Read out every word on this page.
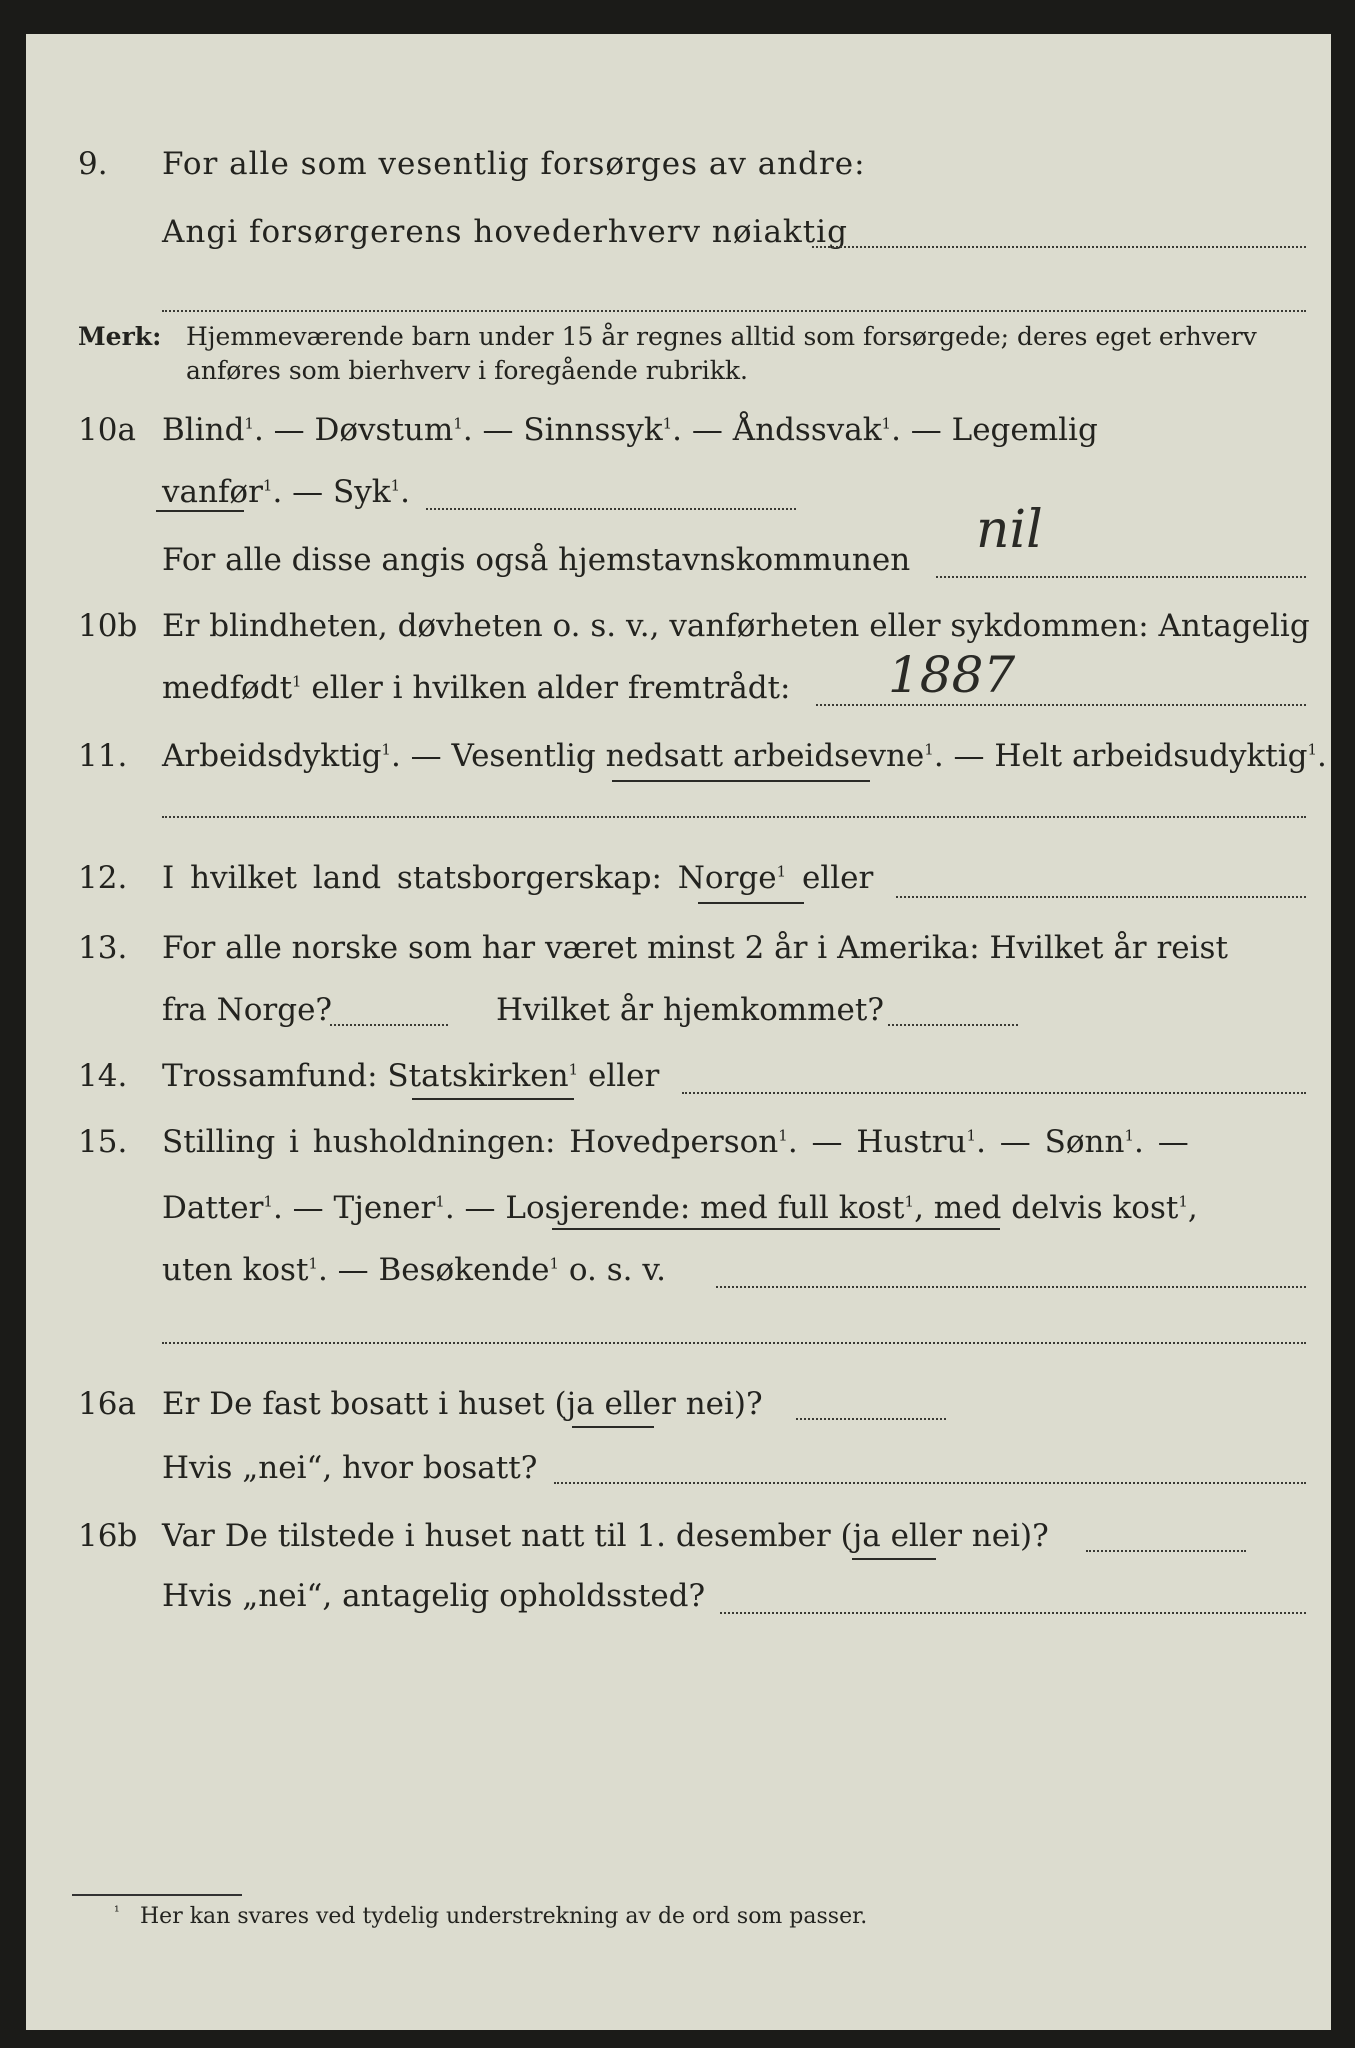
9. For alle som vesentlig forsørges av andre:
Angi forsørgerens hovederhverv nøiaktig
Merk: Hjemmeværende barn under 15 år regnes alltid som forsørgede; deres eget erhverv
anføres som bierhverv i foregående rubrikk.
10a Blind$^1$. — Døvstum$^1$. — Sinnssyk$^1$. — Åndssvak$^1$. — Legemlig
vanfør$^1$. — Syk$^1$.
For alle disse angis også hjemstavnskommunen nil
10b Er blindheten, døvheten o. s. v., vanførheten eller sykdommen: Antagelig
medfødt$^1$ eller i hvilken alder fremtrådt: 1887
11. Arbeidsdyktig$^1$. — Vesentlig nedsatt arbeidsevne$^1$. — Helt arbeidsudyktig$^1$.
12. I hvilket land statsborgerskap: Norge$^1$ eller
13. For alle norske som har været minst 2 år i Amerika: Hvilket år reist
fra Norge?	Hvilket år hjemkommet?
14. Trossamfund: Statskirken$^1$ eller
15. Stilling i husholdningen: Hovedperson$^1$. — Hustru$^1$. — Sønn$^1$. —
Datter$^1$. — Tjener$^1$. — Losjerende: med full kost$^1$, med delvis kost$^1$,
uten kost$^1$. — Besøkende$^1$ o. s. v.
16a Er De fast bosatt i huset (ja eller nei)?
Hvis „nei“, hvor bosatt?
16b Var De tilstede i huset natt til 1. desember (ja eller nei)?
Hvis „nei“, antagelig opholdssted?
¹ Her kan svares ved tydelig understrekning av de ord som passer.
